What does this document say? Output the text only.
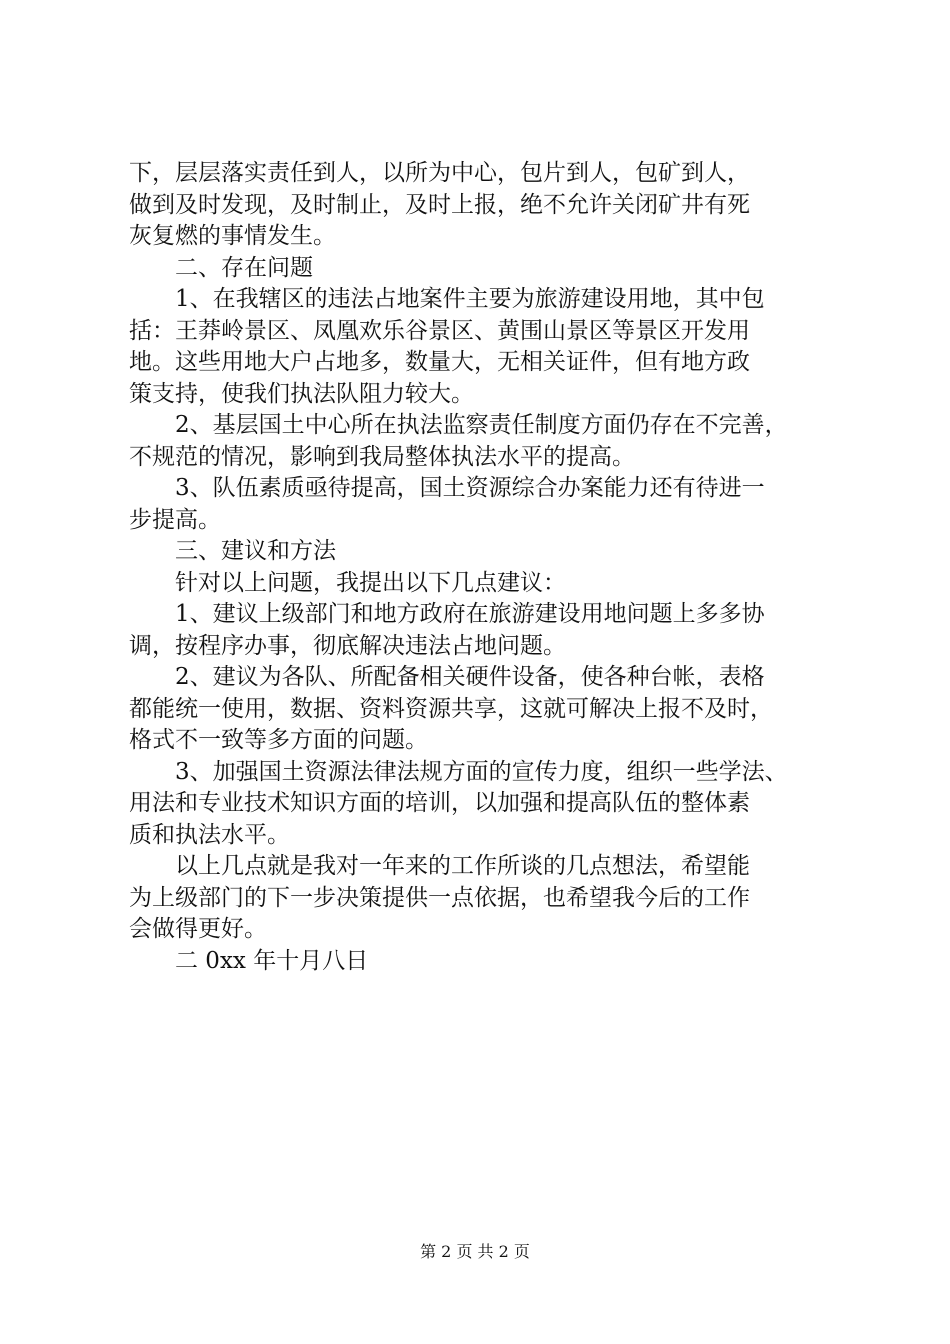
下，层层落实责任到人，以所为中心，包片到人，包矿到人，
做到及时发现，及时制止，及时上报，绝不允许关闭矿井有死
灰复燃的事情发生。
　　二、存在问题
　　1、在我辖区的违法占地案件主要为旅游建设用地，其中包
括：王莽岭景区、凤凰欢乐谷景区、黄围山景区等景区开发用
地。这些用地大户占地多，数量大，无相关证件，但有地方政
策支持，使我们执法队阻力较大。
　　2、基层国土中心所在执法监察责任制度方面仍存在不完善，
不规范的情况，影响到我局整体执法水平的提高。
　　3、队伍素质亟待提高，国土资源综合办案能力还有待进一
步提高。
　　三、建议和方法
　　针对以上问题，我提出以下几点建议：
　　1、建议上级部门和地方政府在旅游建设用地问题上多多协
调，按程序办事，彻底解决违法占地问题。
　　2、建议为各队、所配备相关硬件设备，使各种台帐，表格
都能统一使用，数据、资料资源共享，这就可解决上报不及时，
格式不一致等多方面的问题。
　　3、加强国土资源法律法规方面的宣传力度，组织一些学法、
用法和专业技术知识方面的培训，以加强和提高队伍的整体素
质和执法水平。
　　以上几点就是我对一年来的工作所谈的几点想法，希望能
为上级部门的下一步决策提供一点依据，也希望我今后的工作
会做得更好。
　　二 0xx 年十月八日
第 2 页 共 2 页
